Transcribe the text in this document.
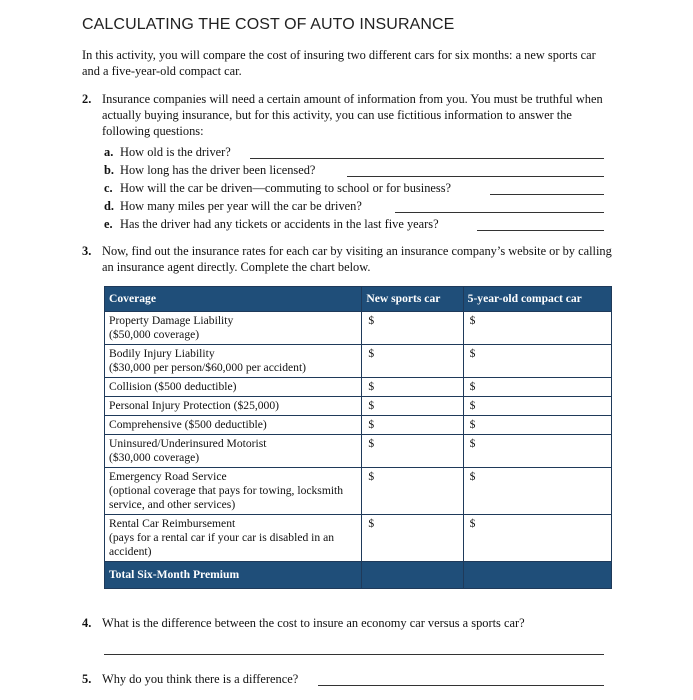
CALCULATING THE COST OF AUTO INSURANCE
In this activity, you will compare the cost of insuring two different cars for six months: a new sports car and a five-year-old compact car.
2. Insurance companies will need a certain amount of information from you. You must be truthful when actually buying insurance, but for this activity, you can use fictitious information to answer the following questions:
a. How old is the driver?
b. How long has the driver been licensed?
c. How will the car be driven—commuting to school or for business?
d. How many miles per year will the car be driven?
e. Has the driver had any tickets or accidents in the last five years?
3. Now, find out the insurance rates for each car by visiting an insurance company’s website or by calling an insurance agent directly. Complete the chart below.
Coverage	New sports car	5-year-old compact car

Property Damage Liability
($50,000 coverage)	$	$

Bodily Injury Liability
($30,000 per person/$60,000 per accident)	$	$
Collision ($500 deductible)	$	$
Personal Injury Protection ($25,000)	$	$
Comprehensive ($500 deductible)	$	$

Uninsured/Underinsured Motorist
($30,000 coverage)	$	$

Emergency Road Service
(optional coverage that pays for towing, locksmith service, and other services)	$	$

Rental Car Reimbursement
(pays for a rental car if your car is disabled in an accident)	$	$
Total Six-Month Premium		
4. What is the difference between the cost to insure an economy car versus a sports car?
5. Why do you think there is a difference?
